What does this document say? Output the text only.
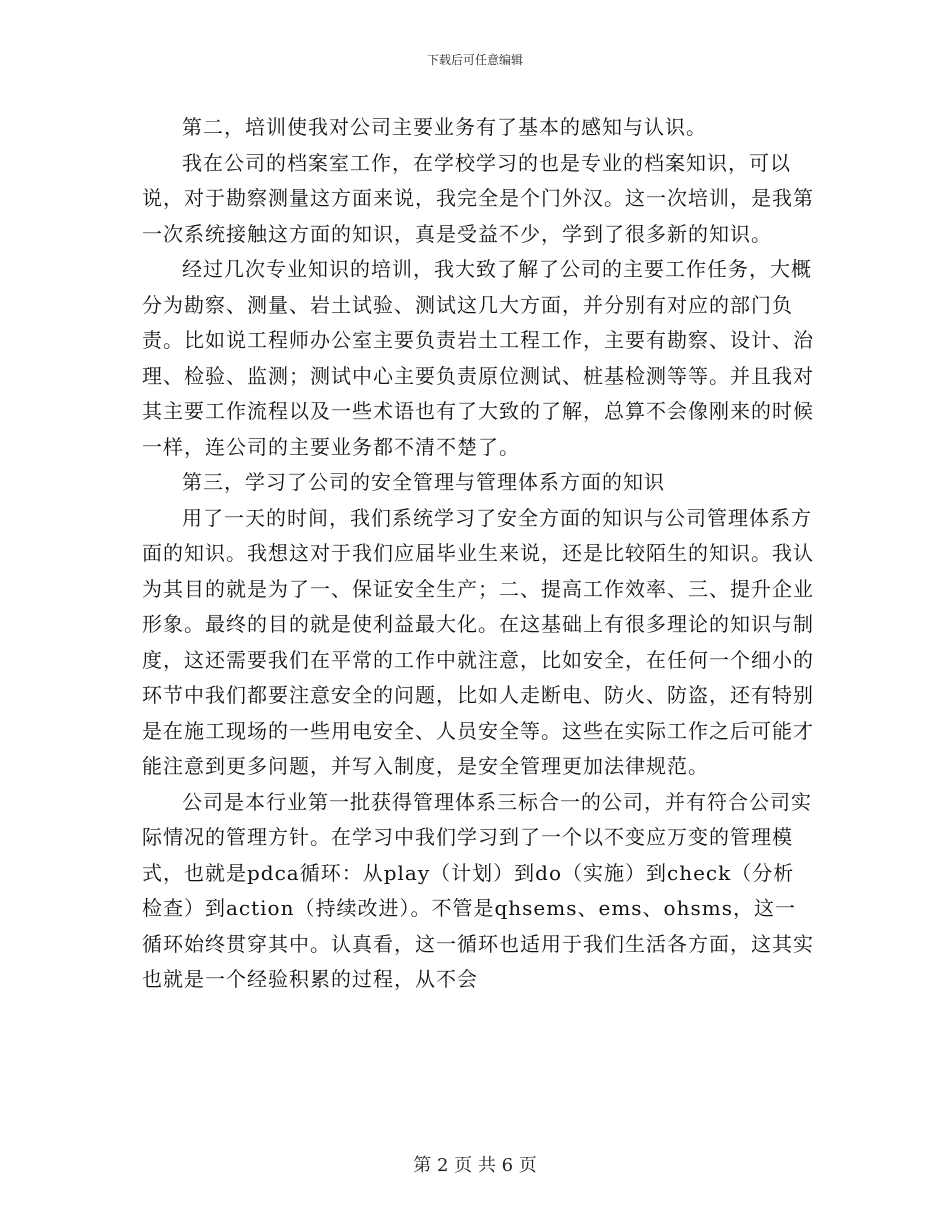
下载后可任意编辑

第二，培训使我对公司主要业务有了基本的感知与认识。

我在公司的档案室工作，在学校学习的也是专业的档案知识，可以说，对于勘察测量这方面来说，我完全是个门外汉。这一次培训，是我第一次系统接触这方面的知识，真是受益不少，学到了很多新的知识。

经过几次专业知识的培训，我大致了解了公司的主要工作任务，大概分为勘察、测量、岩土试验、测试这几大方面，并分别有对应的部门负责。比如说工程师办公室主要负责岩土工程工作，主要有勘察、设计、治理、检验、监测；测试中心主要负责原位测试、桩基检测等等。并且我对其主要工作流程以及一些术语也有了大致的了解，总算不会像刚来的时候一样，连公司的主要业务都不清不楚了。

第三，学习了公司的安全管理与管理体系方面的知识

用了一天的时间，我们系统学习了安全方面的知识与公司管理体系方面的知识。我想这对于我们应届毕业生来说，还是比较陌生的知识。我认为其目的就是为了一、保证安全生产；二、提高工作效率、三、提升企业形象。最终的目的就是使利益最大化。在这基础上有很多理论的知识与制度，这还需要我们在平常的工作中就注意，比如安全，在任何一个细小的环节中我们都要注意安全的问题，比如人走断电、防火、防盗，还有特别是在施工现场的一些用电安全、人员安全等。这些在实际工作之后可能才能注意到更多问题，并写入制度，是安全管理更加法律规范。

公司是本行业第一批获得管理体系三标合一的公司，并有符合公司实际情况的管理方针。在学习中我们学习到了一个以不变应万变的管理模式，也就是pdca循环：从play（计划）到do（实施）到check（分析检查）到action（持续改进）。不管是qhsems、ems、ohsms，这一循环始终贯穿其中。认真看，这一循环也适用于我们生活各方面，这其实也就是一个经验积累的过程，从不会

第 2 页 共 6 页
